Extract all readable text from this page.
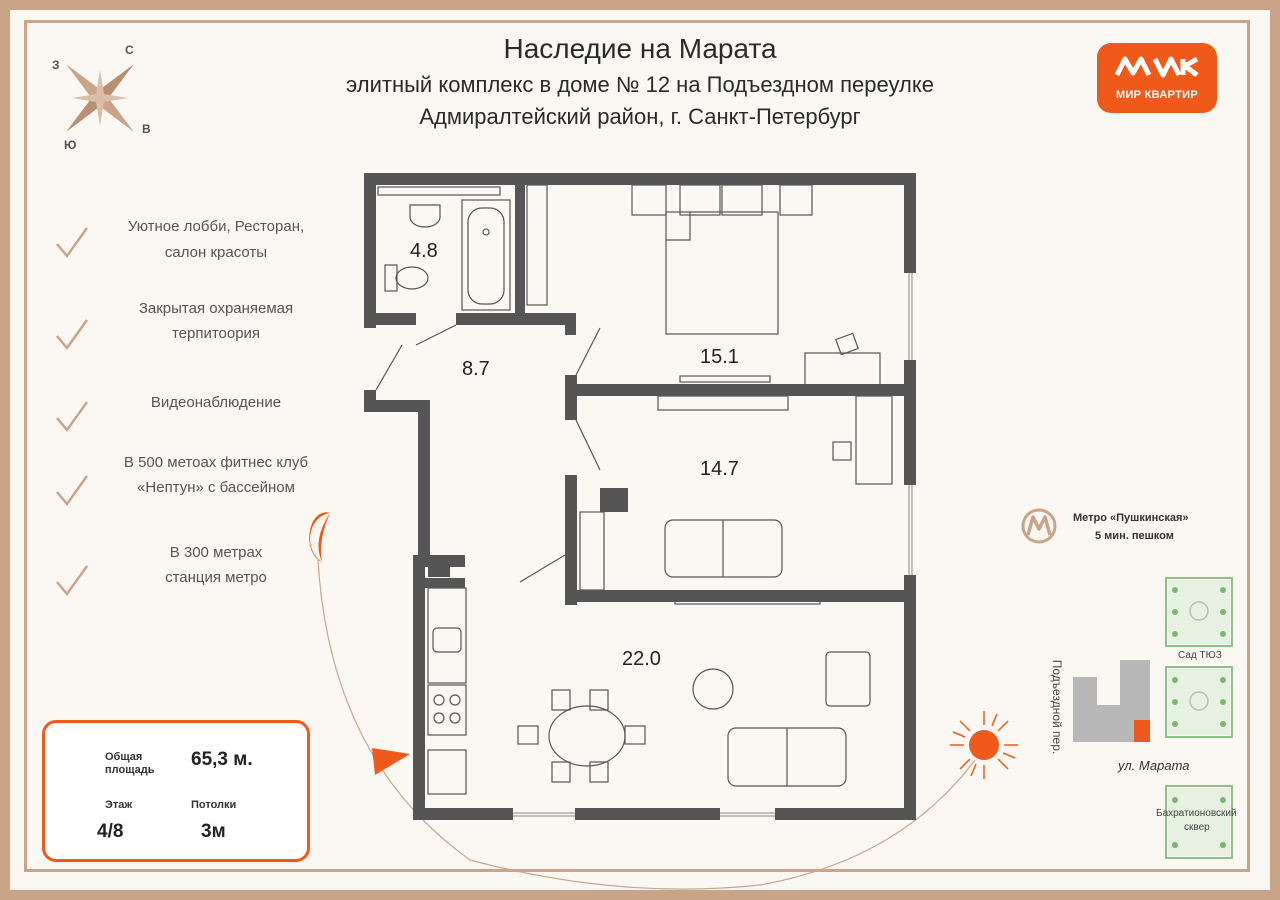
Наследие на Марата
элитный комплекс в доме № 12 на Подъездном переулке
Адмиралтейский район, г. Санкт-Петербург
МИР КВАРТИР
С
З
В
Ю
Уютное лобби, Ресторан,
салон красоты
Закрытая охраняемая
терпитоория
Видеонаблюдение
В 500 метоах фитнес клуб
«Нептун» с бассейном
В 300 метрах
станция метро
4.8
8.7
15.1
14.7
22.0
Общая
площадь 65,3 м.
Этаж
4/8
Потолки
3м
Метро «Пушкинская»
5 мин. пешком
Сад ТЮЗ
Подъездной пер.
ул. Марата
Бахратионовский
сквер
